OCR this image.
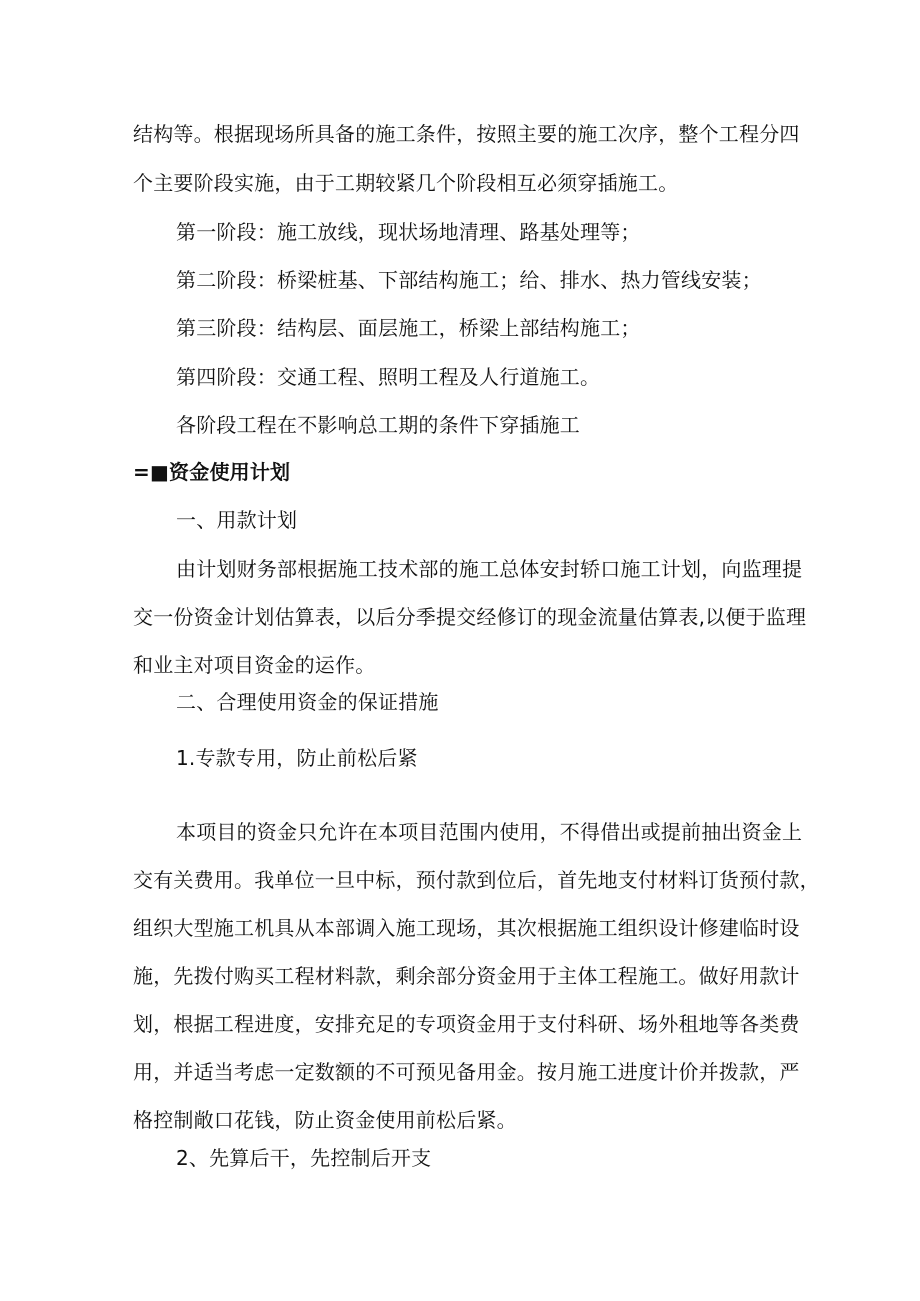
结构等。根据现场所具备的施工条件，按照主要的施工次序，整个工程分四
个主要阶段实施，由于工期较紧几个阶段相互必须穿插施工。
第一阶段：施工放线，现状场地清理、路基处理等；
第二阶段：桥梁桩基、下部结构施工；给、排水、热力管线安装；
第三阶段：结构层、面层施工，桥梁上部结构施工；
第四阶段：交通工程、照明工程及人行道施工。
各阶段工程在不影响总工期的条件下穿插施工
=■资金使用计划
一、用款计划
由计划财务部根据施工技术部的施工总体安封轿口施工计划，向监理提
交一份资金计划估算表，以后分季提交经修订的现金流量估算表,以便于监理
和业主对项目资金的运作。
二、合理使用资金的保证措施
1.专款专用，防止前松后紧
本项目的资金只允许在本项目范围内使用，不得借出或提前抽出资金上
交有关费用。我单位一旦中标，预付款到位后，首先地支付材料订货预付款，
组织大型施工机具从本部调入施工现场，其次根据施工组织设计修建临时设
施，先拨付购买工程材料款，剩余部分资金用于主体工程施工。做好用款计
划，根据工程进度，安排充足的专项资金用于支付科研、场外租地等各类费
用，并适当考虑一定数额的不可预见备用金。按月施工进度计价并拨款，严
格控制敞口花钱，防止资金使用前松后紧。
2、先算后干，先控制后开支
